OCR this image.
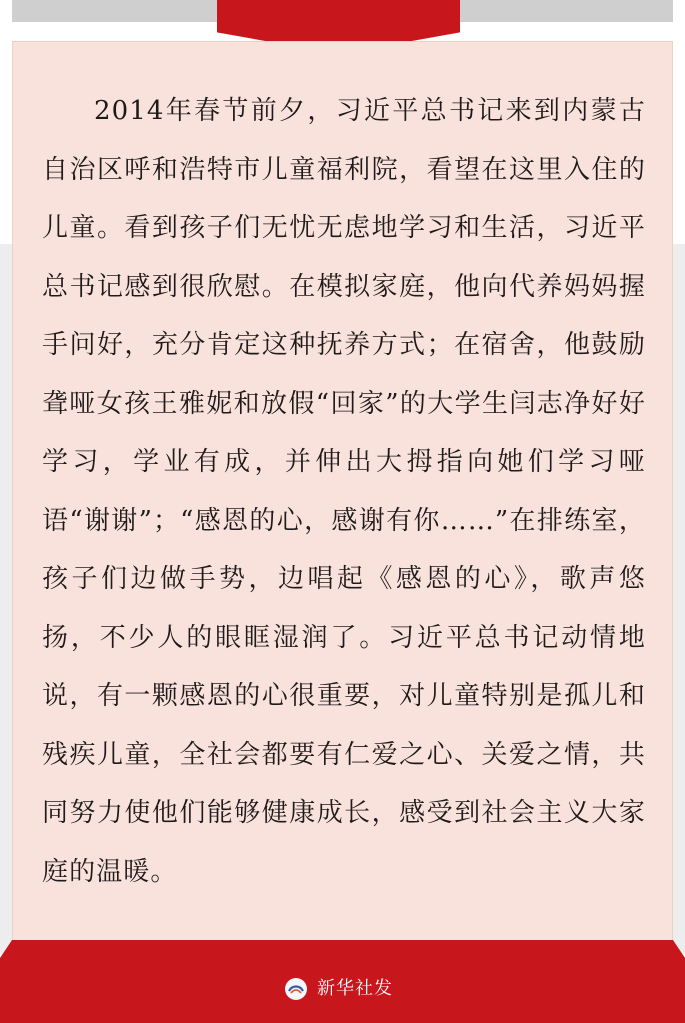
2014年春节前夕，习近平总书记来到内蒙古自治区呼和浩特市儿童福利院，看望在这里入住的儿童。看到孩子们无忧无虑地学习和生活，习近平总书记感到很欣慰。在模拟家庭，他向代养妈妈握手问好，充分肯定这种抚养方式；在宿舍，他鼓励聋哑女孩王雅妮和放假“回家”的大学生闫志净好好学习，学业有成，并伸出大拇指向她们学习哑语“谢谢”；“感恩的心，感谢有你……”在排练室，孩子们边做手势，边唱起《感恩的心》，歌声悠扬，不少人的眼眶湿润了。习近平总书记动情地说，有一颗感恩的心很重要，对儿童特别是孤儿和残疾儿童，全社会都要有仁爱之心、关爱之情，共同努力使他们能够健康成长，感受到社会主义大家庭的温暖。

新华社发
